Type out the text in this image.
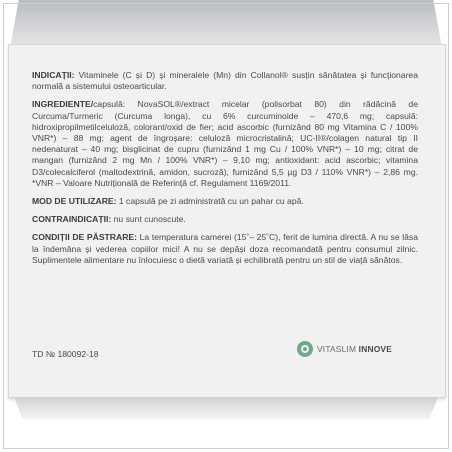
INDICAȚII: Vitaminele (C și D) și mineralele (Mn) din Collanol® susțin sănătatea și funcționarea normală a sistemului osteoarticular.

INGREDIENTE/capsulă: NovaSOL®/extract micelar (polisorbat 80) din rădăcină de Curcuma/Turmeric (Curcuma longa), cu 6% curcuminoide – 470,6 mg; capsulă: hidroxipropilmetilceluloză, colorant/oxid de fier; acid ascorbic (furnizând 80 mg Vitamina C / 100% VNR*) – 88 mg; agent de îngroșare: celuloză microcristalină; UC-II®/colagen natural tip II nedenaturat – 40 mg; bisglicinat de cupru (furnizând 1 mg Cu / 100% VNR*) – 10 mg; citrat de mangan (furnizând 2 mg Mn / 100% VNR*) – 9,10 mg; antioxidant: acid ascorbic; vitamina D3/colecalciferol (maltodextrină, amidon, sucroză), furnizând 5,5 µg D3 / 110% VNR*) – 2,86 mg. *VNR – Valoare Nutrițională de Referință cf. Regulament 1169/2011.

MOD DE UTILIZARE: 1 capsulă pe zi administrată cu un pahar cu apă.

CONTRAINDICAȚII: nu sunt cunoscute.

CONDIȚII DE PĂSTRARE: La temperatura camerei (15˚– 25˚C), ferit de lumina directă. A nu se lăsa la îndemâna și vederea copiilor mici! A nu se depăși doza recomandată pentru consumul zilnic. Suplimentele alimentare nu înlocuiesc o dietă variată și echilibrată pentru un stil de viață sănătos.

TD № 180092-18	VITASLIM INNOVE
